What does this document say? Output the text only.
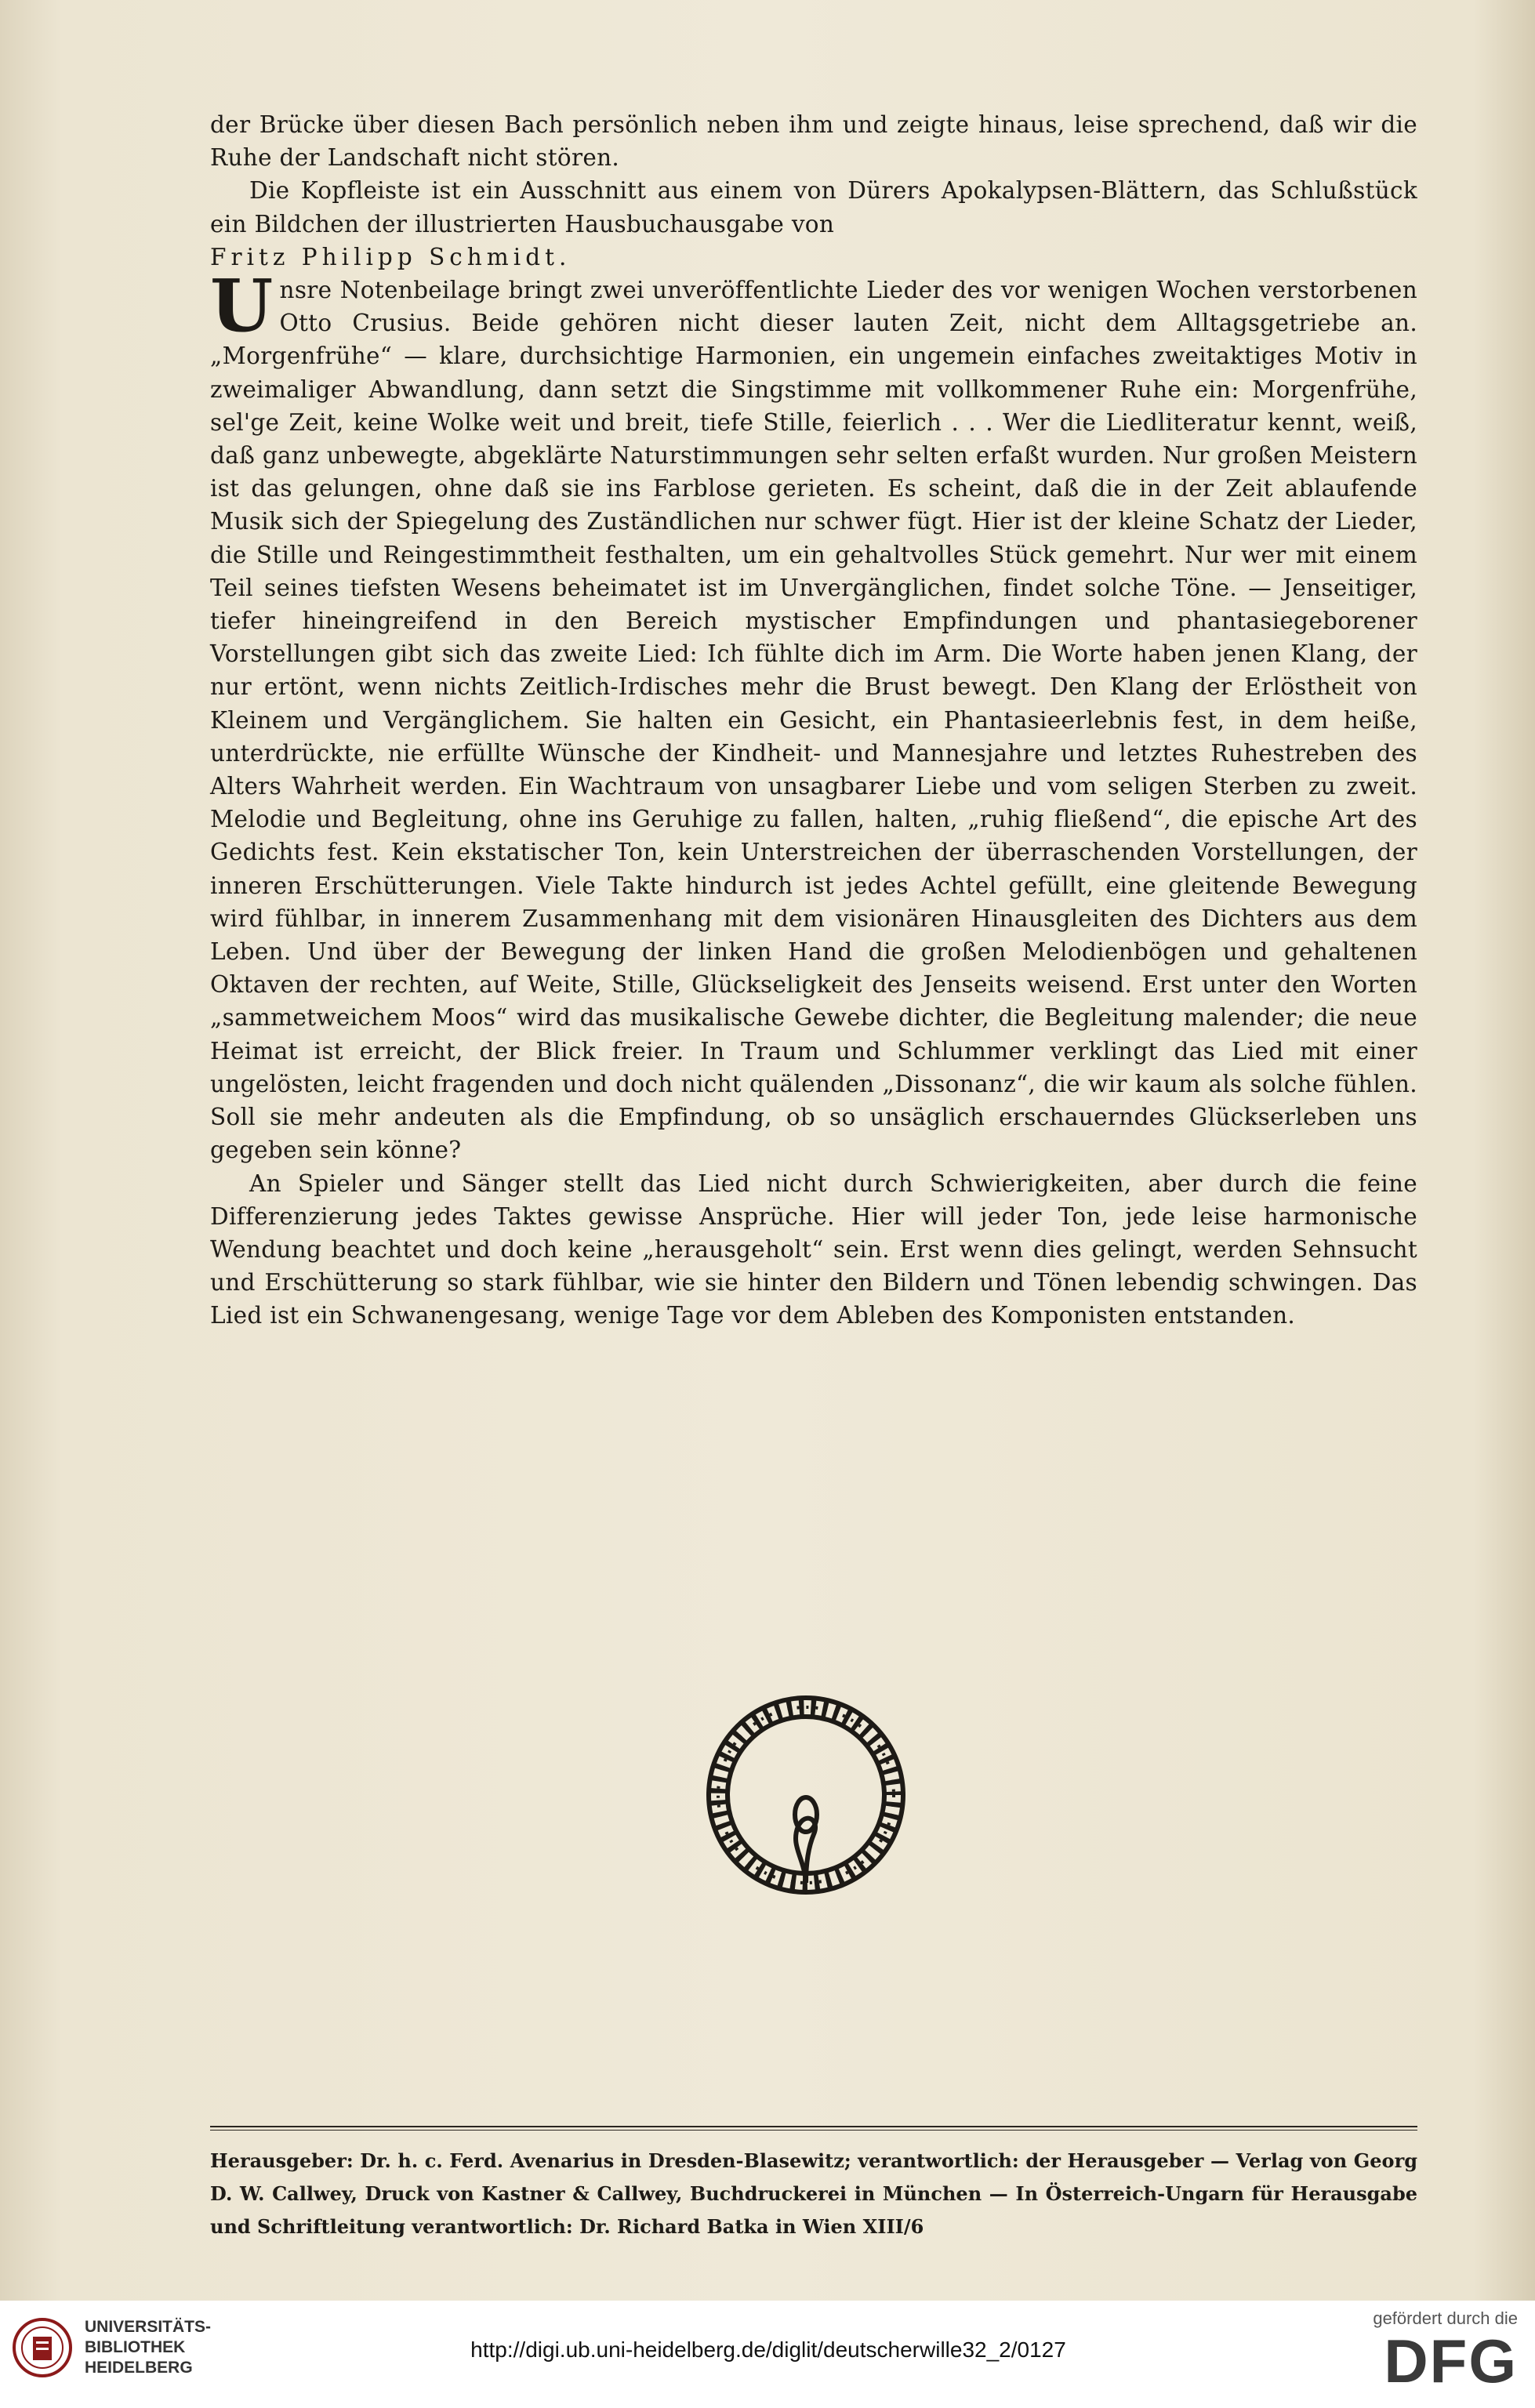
der Brücke über diesen Bach persönlich neben ihm und zeigte hinaus, leise sprechend, daß wir die Ruhe der Landschaft nicht stören.

Die Kopfleiste ist ein Ausschnitt aus einem von Dürers Apokalypsen-Blättern, das Schlußstück ein Bildchen der illustrierten Hausbuchausgabe von
Fritz Philipp Schmidt.

Unsre Notenbeilage bringt zwei unveröffentlichte Lieder des vor wenigen Wochen verstorbenen Otto Crusius. Beide gehören nicht dieser lauten Zeit, nicht dem Alltagsgetriebe an. „Morgenfrühe“ — klare, durchsichtige Harmonien, ein ungemein einfaches zweitaktiges Motiv in zweimaliger Abwandlung, dann setzt die Singstimme mit vollkommener Ruhe ein: Morgenfrühe, sel'ge Zeit, keine Wolke weit und breit, tiefe Stille, feierlich . . . Wer die Liedliteratur kennt, weiß, daß ganz unbewegte, abgeklärte Naturstimmungen sehr selten erfaßt wurden. Nur großen Meistern ist das gelungen, ohne daß sie ins Farblose gerieten. Es scheint, daß die in der Zeit ablaufende Musik sich der Spiegelung des Zuständlichen nur schwer fügt. Hier ist der kleine Schatz der Lieder, die Stille und Reingestimmtheit festhalten, um ein gehaltvolles Stück gemehrt. Nur wer mit einem Teil seines tiefsten Wesens beheimatet ist im Unvergänglichen, findet solche Töne. — Jenseitiger, tiefer hineingreifend in den Bereich mystischer Empfindungen und phantasiegeborener Vorstellungen gibt sich das zweite Lied: Ich fühlte dich im Arm. Die Worte haben jenen Klang, der nur ertönt, wenn nichts Zeitlich-Irdisches mehr die Brust bewegt. Den Klang der Erlöstheit von Kleinem und Vergänglichem. Sie halten ein Gesicht, ein Phantasieerlebnis fest, in dem heiße, unterdrückte, nie erfüllte Wünsche der Kindheit- und Mannesjahre und letztes Ruhestreben des Alters Wahrheit werden. Ein Wachtraum von unsagbarer Liebe und vom seligen Sterben zu zweit. Melodie und Begleitung, ohne ins Geruhige zu fallen, halten, „ruhig fließend“, die epische Art des Gedichts fest. Kein ekstatischer Ton, kein Unterstreichen der überraschenden Vorstellungen, der inneren Erschütterungen. Viele Takte hindurch ist jedes Achtel gefüllt, eine gleitende Bewegung wird fühlbar, in innerem Zusammenhang mit dem visionären Hinausgleiten des Dichters aus dem Leben. Und über der Bewegung der linken Hand die großen Melodienbögen und gehaltenen Oktaven der rechten, auf Weite, Stille, Glückseligkeit des Jenseits weisend. Erst unter den Worten „sammetweichem Moos“ wird das musikalische Gewebe dichter, die Begleitung malender; die neue Heimat ist erreicht, der Blick freier. In Traum und Schlummer verklingt das Lied mit einer ungelösten, leicht fragenden und doch nicht quälenden „Dissonanz“, die wir kaum als solche fühlen. Soll sie mehr andeuten als die Empfindung, ob so unsäglich erschauerndes Glückserleben uns gegeben sein könne?

An Spieler und Sänger stellt das Lied nicht durch Schwierigkeiten, aber durch die feine Differenzierung jedes Taktes gewisse Ansprüche. Hier will jeder Ton, jede leise harmonische Wendung beachtet und doch keine „herausgeholt“ sein. Erst wenn dies gelingt, werden Sehnsucht und Erschütterung so stark fühlbar, wie sie hinter den Bildern und Tönen lebendig schwingen. Das Lied ist ein Schwanengesang, wenige Tage vor dem Ableben des Komponisten entstanden.

Herausgeber: Dr. h. c. Ferd. Avenarius in Dresden-Blasewitz; verantwortlich: der Herausgeber — Verlag von Georg D. W. Callwey, Druck von Kastner & Callwey, Buchdruckerei in München — In Österreich-Ungarn für Herausgabe und Schriftleitung verantwortlich: Dr. Richard Batka in Wien XIII/6

UNIVERSITÄTS-
BIBLIOTHEK
HEIDELBERG
http://digi.ub.uni-heidelberg.de/diglit/deutscherwille32_2/0127
gefördert durch die
DFG
